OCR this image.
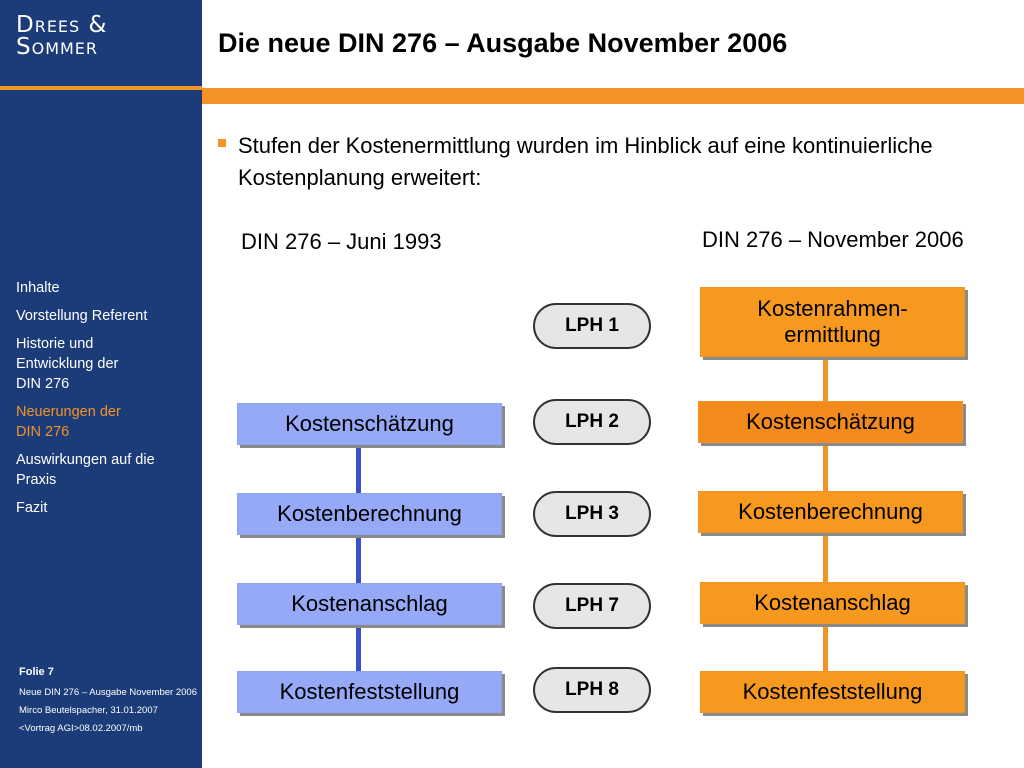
Drees &
Sommer
Inhalte
Vorstellung Referent
Historie und
Entwicklung der
DIN 276
Neuerungen der
DIN 276
Auswirkungen auf die
Praxis
Fazit
Folie 7
Neue DIN 276 – Ausgabe November 2006
Mirco Beutelspacher, 31.01.2007
<Vortrag AGI>08.02.2007/mb
Die neue DIN 276 – Ausgabe November 2006
Stufen der Kostenermittlung wurden im Hinblick auf eine kontinuierliche Kostenplanung erweitert:
DIN 276 – Juni 1993	DIN 276 – November 2006
Kostenschätzung
Kostenberechnung
Kostenanschlag
Kostenfeststellung
LPH 1
LPH 2
LPH 3
LPH 7
LPH 8
Kostenrahmen-
ermittlung
Kostenschätzung
Kostenberechnung
Kostenanschlag
Kostenfeststellung
